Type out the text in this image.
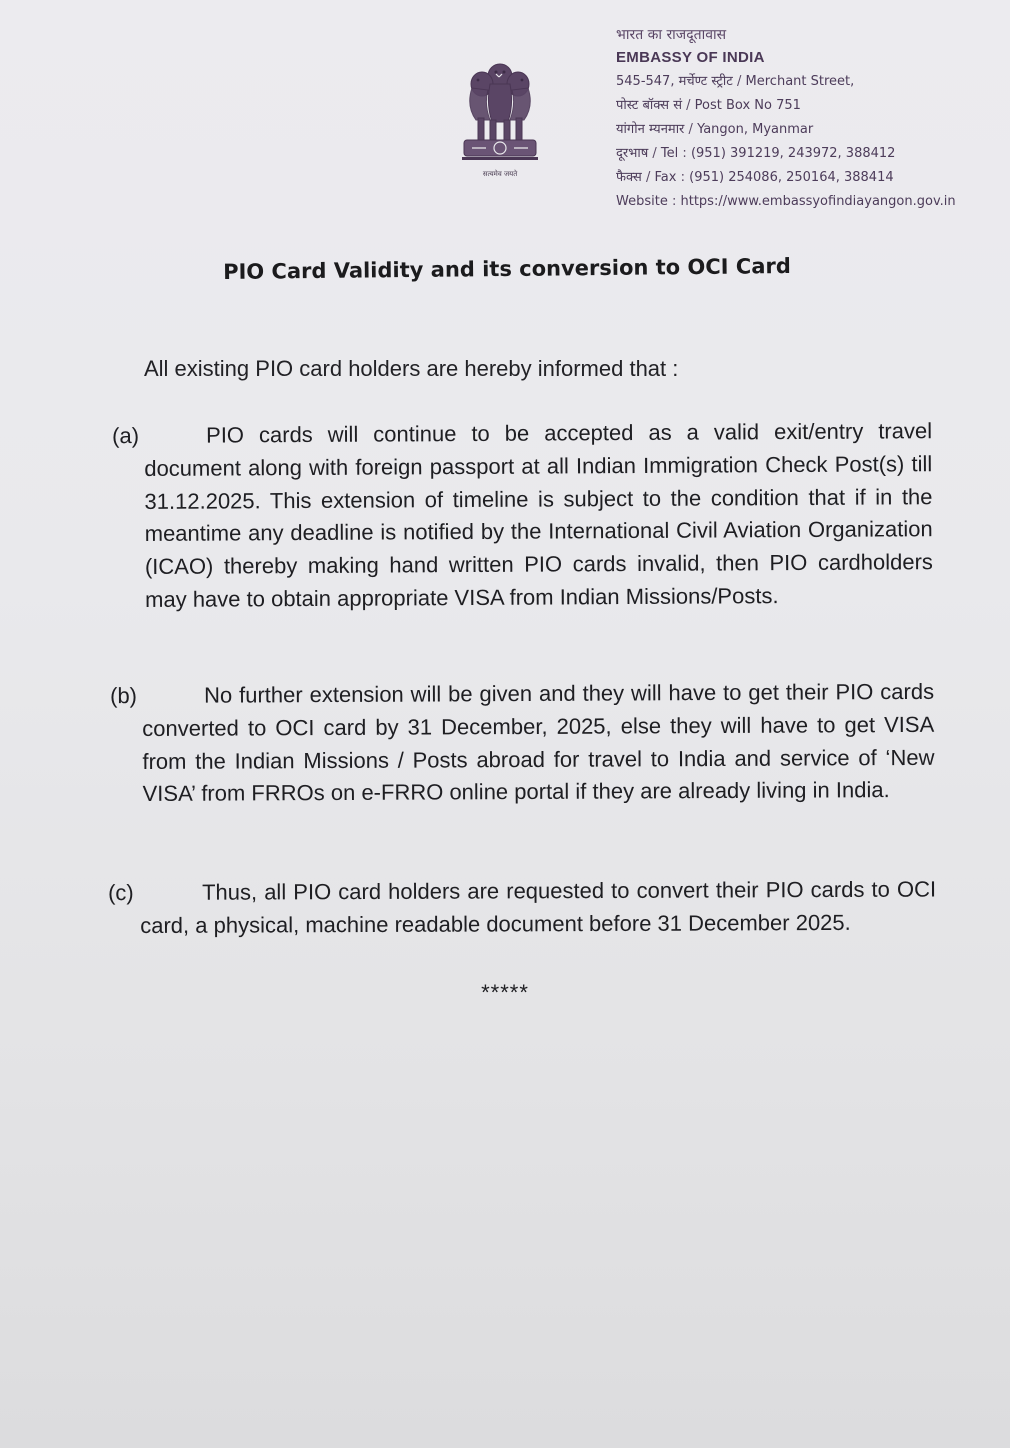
सत्यमेव जयते
भारत का राजदूतावास
EMBASSY OF INDIA
545-547, मर्चेण्ट स्ट्रीट / Merchant Street,
पोस्ट बॉक्स सं / Post Box No 751
यांगोन म्यनमार / Yangon, Myanmar
दूरभाष / Tel : (951) 391219, 243972, 388412
फैक्स / Fax : (951) 254086, 250164, 388414
Website : https://www.embassyofindiayangon.gov.in
PIO Card Validity and its conversion to OCI Card
All existing PIO card holders are hereby informed that :
(a)	PIO cards will continue to be accepted as a valid exit/entry travel document along with foreign passport at all Indian Immigration Check Post(s) till 31.12.2025. This extension of timeline is subject to the condition that if in the meantime any deadline is notified by the International Civil Aviation Organization (ICAO) thereby making hand written PIO cards invalid, then PIO cardholders may have to obtain appropriate VISA from Indian Missions/Posts.
(b)	No further extension will be given and they will have to get their PIO cards converted to OCI card by 31 December, 2025, else they will have to get VISA from the Indian Missions / Posts abroad for travel to India and service of ‘New VISA’ from FRROs on e-FRRO online portal if they are already living in India.
(c)	Thus, all PIO card holders are requested to convert their PIO cards to OCI card, a physical, machine readable document before 31 December 2025.
*****
